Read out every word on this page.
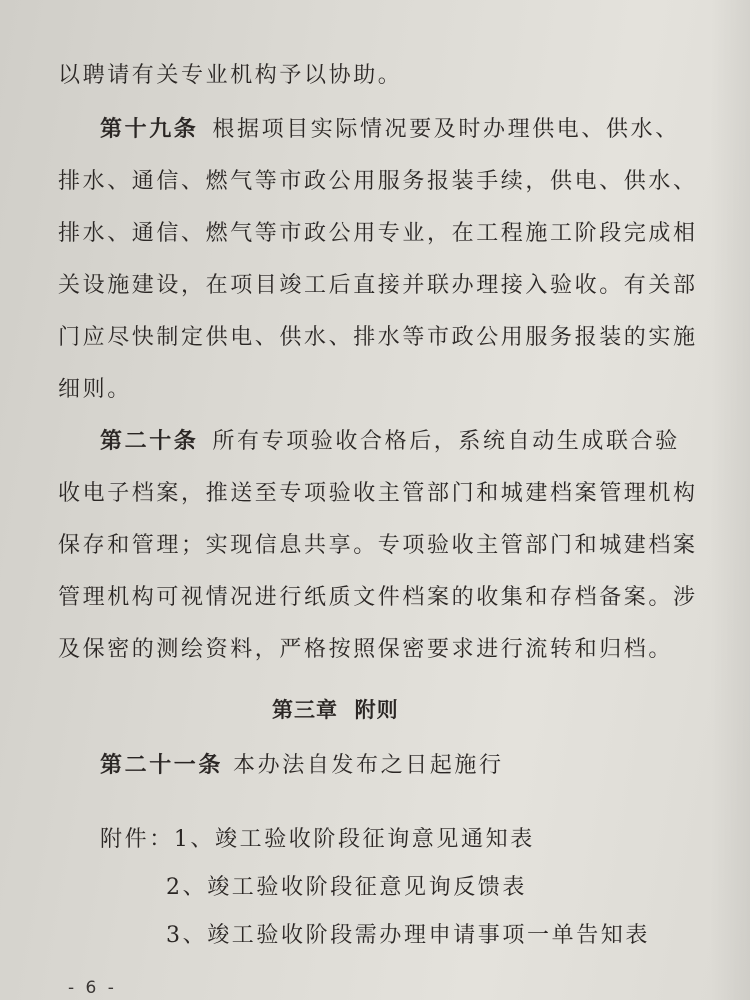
以聘请有关专业机构予以协助。
第十九条 根据项目实际情况要及时办理供电、供水、
排水、通信、燃气等市政公用服务报装手续，供电、供水、
排水、通信、燃气等市政公用专业，在工程施工阶段完成相
关设施建设，在项目竣工后直接并联办理接入验收。有关部
门应尽快制定供电、供水、排水等市政公用服务报装的实施
细则。
第二十条 所有专项验收合格后，系统自动生成联合验
收电子档案，推送至专项验收主管部门和城建档案管理机构
保存和管理；实现信息共享。专项验收主管部门和城建档案
管理机构可视情况进行纸质文件档案的收集和存档备案。涉
及保密的测绘资料，严格按照保密要求进行流转和归档。
第三章  附则
第二十一条 本办法自发布之日起施行
附件：1、竣工验收阶段征询意见通知表
2、竣工验收阶段征意见询反馈表
3、竣工验收阶段需办理申请事项一单告知表
- 6 -
